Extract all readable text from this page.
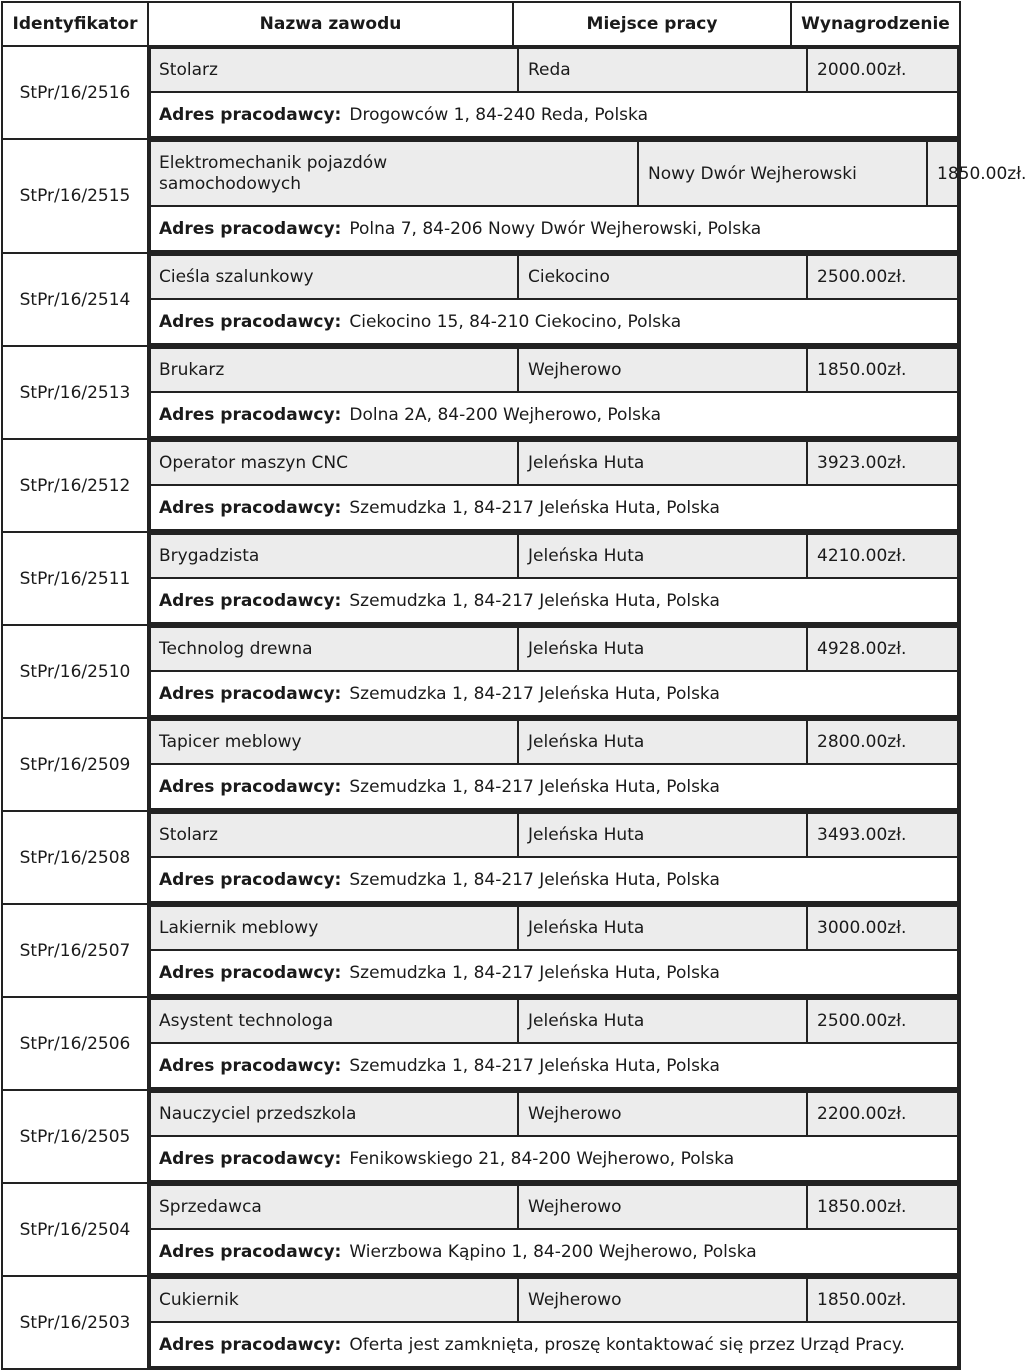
Identyfikator	Nazwa zawodu	Miejsce pracy	Wynagrodzenie
StPr/16/2516	
Stolarz	Reda	2000.00zł.
Adres pracodawcy: Drogowców 1, 84-240 Reda, Polska

StPr/16/2515	
Elektromechanik pojazdów samochodowych	Nowy Dwór Wejherowski	1850.00zł.
Adres pracodawcy: Polna 7, 84-206 Nowy Dwór Wejherowski, Polska

StPr/16/2514	
Cieśla szalunkowy	Ciekocino	2500.00zł.
Adres pracodawcy: Ciekocino 15, 84-210 Ciekocino, Polska

StPr/16/2513	
Brukarz	Wejherowo	1850.00zł.
Adres pracodawcy: Dolna 2A, 84-200 Wejherowo, Polska

StPr/16/2512	
Operator maszyn CNC	Jeleńska Huta	3923.00zł.
Adres pracodawcy: Szemudzka 1, 84-217 Jeleńska Huta, Polska

StPr/16/2511	
Brygadzista	Jeleńska Huta	4210.00zł.
Adres pracodawcy: Szemudzka 1, 84-217 Jeleńska Huta, Polska

StPr/16/2510	
Technolog drewna	Jeleńska Huta	4928.00zł.
Adres pracodawcy: Szemudzka 1, 84-217 Jeleńska Huta, Polska

StPr/16/2509	
Tapicer meblowy	Jeleńska Huta	2800.00zł.
Adres pracodawcy: Szemudzka 1, 84-217 Jeleńska Huta, Polska

StPr/16/2508	
Stolarz	Jeleńska Huta	3493.00zł.
Adres pracodawcy: Szemudzka 1, 84-217 Jeleńska Huta, Polska

StPr/16/2507	
Lakiernik meblowy	Jeleńska Huta	3000.00zł.
Adres pracodawcy: Szemudzka 1, 84-217 Jeleńska Huta, Polska

StPr/16/2506	
Asystent technologa	Jeleńska Huta	2500.00zł.
Adres pracodawcy: Szemudzka 1, 84-217 Jeleńska Huta, Polska

StPr/16/2505	
Nauczyciel przedszkola	Wejherowo	2200.00zł.
Adres pracodawcy: Fenikowskiego 21, 84-200 Wejherowo, Polska

StPr/16/2504	
Sprzedawca	Wejherowo	1850.00zł.
Adres pracodawcy: Wierzbowa Kąpino 1, 84-200 Wejherowo, Polska

StPr/16/2503	
Cukiernik	Wejherowo	1850.00zł.
Adres pracodawcy: Oferta jest zamknięta, proszę kontaktować się przez Urząd Pracy.
